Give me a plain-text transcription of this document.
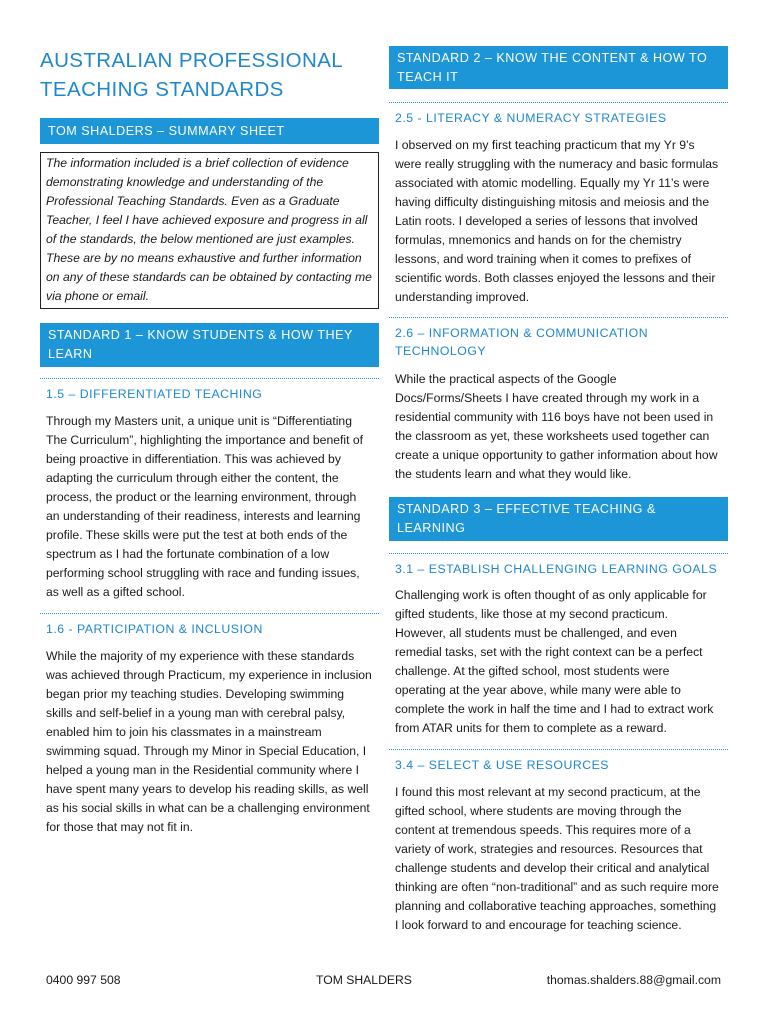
AUSTRALIAN PROFESSIONAL
TEACHING STANDARDS
TOM SHALDERS – SUMMARY SHEET
The information included is a brief collection of evidence demonstrating knowledge and understanding of the Professional Teaching Standards. Even as a Graduate Teacher, I feel I have achieved exposure and progress in all of the standards, the below mentioned are just examples. These are by no means exhaustive and further information on any of these standards can be obtained by contacting me via phone or email.
STANDARD 1 – KNOW STUDENTS & HOW THEY LEARN
1.5 – DIFFERENTIATED TEACHING
Through my Masters unit, a unique unit is “Differentiating The Curriculum”, highlighting the importance and benefit of being proactive in differentiation. This was achieved by adapting the curriculum through either the content, the process, the product or the learning environment, through an understanding of their readiness, interests and learning profile. These skills were put the test at both ends of the spectrum as I had the fortunate combination of a low performing school struggling with race and funding issues, as well as a gifted school.
1.6 - PARTICIPATION & INCLUSION
While the majority of my experience with these standards was achieved through Practicum, my experience in inclusion began prior my teaching studies. Developing swimming skills and self-belief in a young man with cerebral palsy, enabled him to join his classmates in a mainstream swimming squad. Through my Minor in Special Education, I helped a young man in the Residential community where I have spent many years to develop his reading skills, as well as his social skills in what can be a challenging environment for those that may not fit in.
STANDARD 2 – KNOW THE CONTENT & HOW TO TEACH IT
2.5 - LITERACY & NUMERACY STRATEGIES
I observed on my first teaching practicum that my Yr 9’s were really struggling with the numeracy and basic formulas associated with atomic modelling. Equally my Yr 11’s were having difficulty distinguishing mitosis and meiosis and the Latin roots. I developed a series of lessons that involved formulas, mnemonics and hands on for the chemistry lessons, and word training when it comes to prefixes of scientific words. Both classes enjoyed the lessons and their understanding improved.
2.6 – INFORMATION & COMMUNICATION TECHNOLOGY
While the practical aspects of the Google Docs/Forms/Sheets I have created through my work in a residential community with 116 boys have not been used in the classroom as yet, these worksheets used together can create a unique opportunity to gather information about how the students learn and what they would like.
STANDARD 3 – EFFECTIVE TEACHING & LEARNING
3.1 – ESTABLISH CHALLENGING LEARNING GOALS
Challenging work is often thought of as only applicable for gifted students, like those at my second practicum. However, all students must be challenged, and even remedial tasks, set with the right context can be a perfect challenge. At the gifted school, most students were operating at the year above, while many were able to complete the work in half the time and I had to extract work from ATAR units for them to complete as a reward.
3.4 – SELECT & USE RESOURCES
I found this most relevant at my second practicum, at the gifted school, where students are moving through the content at tremendous speeds. This requires more of a variety of work, strategies and resources. Resources that challenge students and develop their critical and analytical thinking are often “non-traditional” and as such require more planning and collaborative teaching approaches, something I look forward to and encourage for teaching science.
0400 997 508	TOM SHALDERS	thomas.shalders.88@gmail.com
